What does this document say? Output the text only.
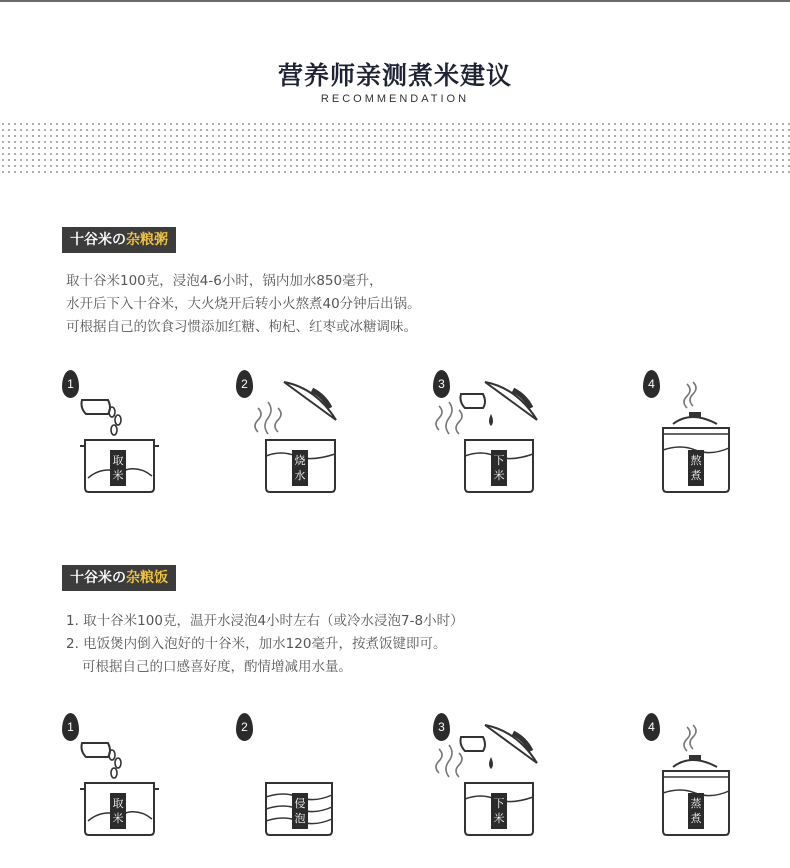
营养师亲测煮米建议
RECOMMENDATION
十谷米の杂粮粥
取十谷米100克，浸泡4-6小时，锅内加水850毫升，
水开后下入十谷米，大火烧开后转小火熬煮40分钟后出锅。
可根据自己的饮食习惯添加红糖、枸杞、红枣或冰糖调味。
1
取米
2
烧水
3
下米
4
熬煮
十谷米の杂粮饭
1. 取十谷米100克，温开水浸泡4小时左右（或冷水浸泡7-8小时）
2. 电饭煲内倒入泡好的十谷米，加水120毫升，按煮饭键即可。
可根据自己的口感喜好度，酌情增减用水量。
1
取米
2
侵泡
3
下米
4
蒸煮
